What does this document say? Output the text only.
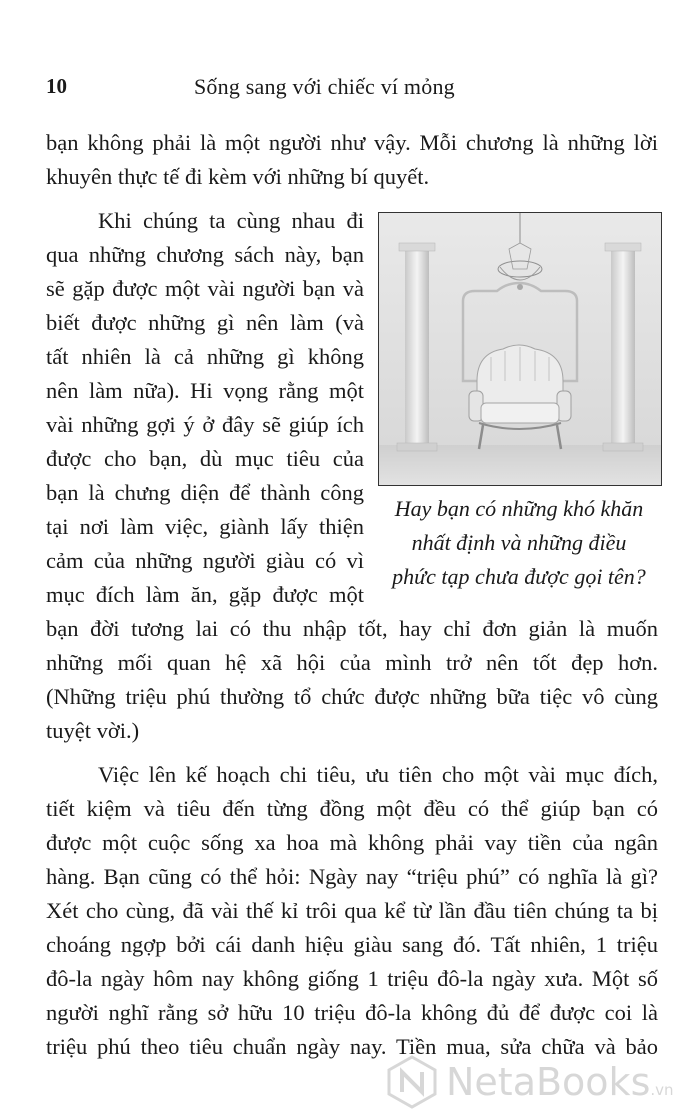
10	Sống sang với chiếc ví mỏng
bạn không phải là một người như vậy. Mỗi chương là những lời
khuyên thực tế đi kèm với những bí quyết.
Khi chúng ta cùng nhau đi
qua những chương sách này, bạn
sẽ gặp được một vài người bạn và
biết được những gì nên làm (và
tất nhiên là cả những gì không
nên làm nữa). Hi vọng rằng một
vài những gợi ý ở đây sẽ giúp ích
được cho bạn, dù mục tiêu của
bạn là chưng diện để thành công
tại nơi làm việc, giành lấy thiện
cảm của những người giàu có vì
mục đích làm ăn, gặp được một
bạn đời tương lai có thu nhập tốt, hay chỉ đơn giản là muốn
những mối quan hệ xã hội của mình trở nên tốt đẹp hơn.
(Những triệu phú thường tổ chức được những bữa tiệc vô cùng
tuyệt vời.)
Hay bạn có những khó khăn
nhất định và những điều
phức tạp chưa được gọi tên?
Việc lên kế hoạch chi tiêu, ưu tiên cho một vài mục đích,
tiết kiệm và tiêu đến từng đồng một đều có thể giúp bạn có
được một cuộc sống xa hoa mà không phải vay tiền của ngân
hàng. Bạn cũng có thể hỏi: Ngày nay “triệu phú” có nghĩa là gì?
Xét cho cùng, đã vài thế kỉ trôi qua kể từ lần đầu tiên chúng ta bị
choáng ngợp bởi cái danh hiệu giàu sang đó. Tất nhiên, 1 triệu
đô-la ngày hôm nay không giống 1 triệu đô-la ngày xưa. Một số
người nghĩ rằng sở hữu 10 triệu đô-la không đủ để được coi là
triệu phú theo tiêu chuẩn ngày nay. Tiền mua, sửa chữa và bảo
NetaBooks.vn
